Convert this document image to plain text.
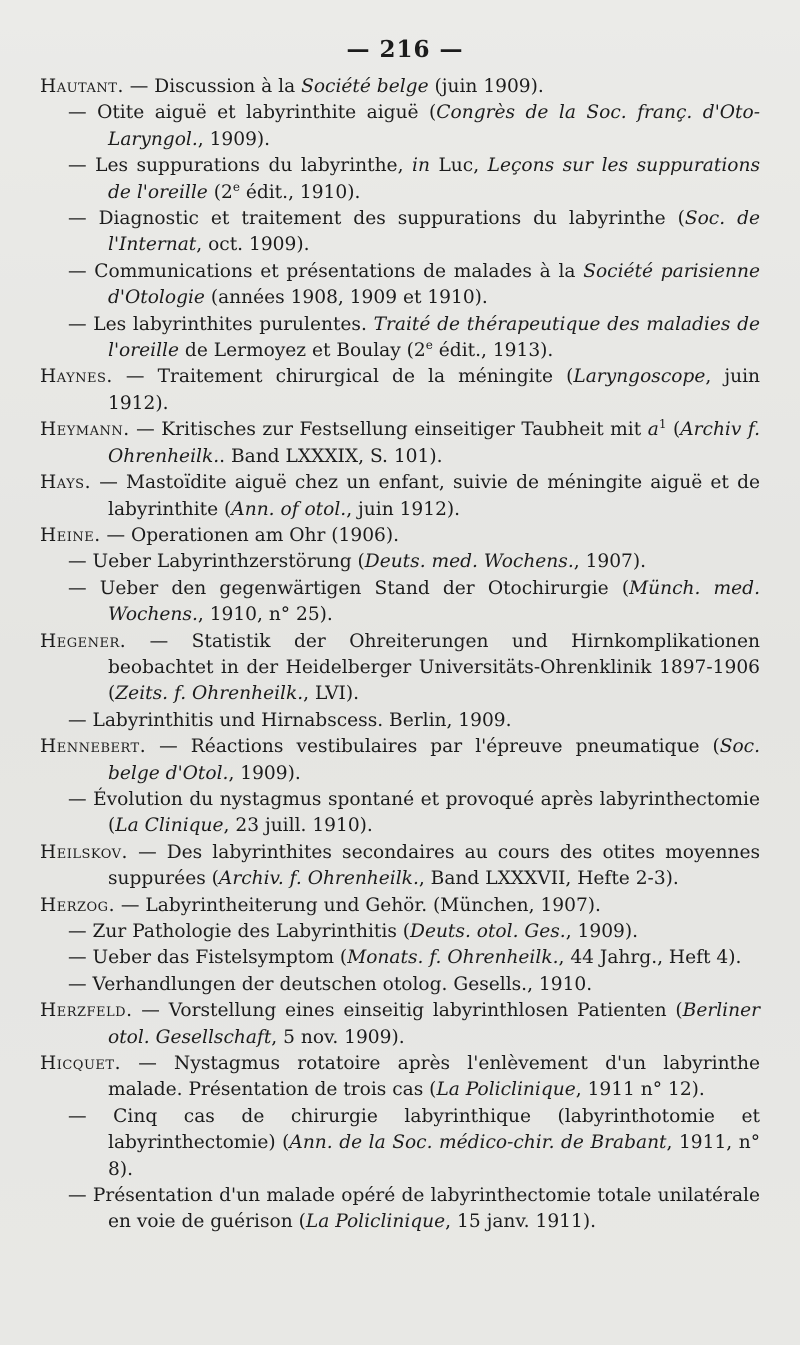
— 216 —

Hautant. — Discussion à la Société belge (juin 1909).

— Otite aiguë et labyrinthite aiguë (Congrès de la Soc. franç. d'Oto-Laryngol., 1909).

— Les suppurations du labyrinthe, in Luc, Leçons sur les suppurations de l'oreille (2e édit., 1910).

— Diagnostic et traitement des suppurations du labyrinthe (Soc. de l'Internat, oct. 1909).

— Communications et présentations de malades à la Société parisienne d'Otologie (années 1908, 1909 et 1910).

— Les labyrinthites purulentes. Traité de thérapeutique des maladies de l'oreille de Lermoyez et Boulay (2e édit., 1913).

Haynes. — Traitement chirurgical de la méningite (Laryngoscope, juin 1912).

Heymann. — Kritisches zur Festsellung einseitiger Taubheit mit $a^1$ (Archiv f. Ohrenheilk.. Band LXXXIX, S. 101).

Hays. — Mastoïdite aiguë chez un enfant, suivie de méningite aiguë et de labyrinthite (Ann. of otol., juin 1912).

Heine. — Operationen am Ohr (1906).

— Ueber Labyrinthzerstörung (Deuts. med. Wochens., 1907).

— Ueber den gegenwärtigen Stand der Otochirurgie (Münch. med. Wochens., 1910, n° 25).

Hegener. — Statistik der Ohreiterungen und Hirnkomplikationen beobachtet in der Heidelberger Universitäts-Ohrenklinik 1897-1906 (Zeits. f. Ohrenheilk., LVI).

— Labyrinthitis und Hirnabscess. Berlin, 1909.

Hennebert. — Réactions vestibulaires par l'épreuve pneumatique (Soc. belge d'Otol., 1909).

— Évolution du nystagmus spontané et provoqué après labyrinthectomie (La Clinique, 23 juill. 1910).

Heilskov. — Des labyrinthites secondaires au cours des otites moyennes suppurées (Archiv. f. Ohrenheilk., Band LXXXVII, Hefte 2-3).

Herzog. — Labyrintheiterung und Gehör. (München, 1907).

— Zur Pathologie des Labyrinthitis (Deuts. otol. Ges., 1909).

— Ueber das Fistelsymptom (Monats. f. Ohrenheilk., 44 Jahrg., Heft 4).

— Verhandlungen der deutschen otolog. Gesells., 1910.

Herzfeld. — Vorstellung eines einseitig labyrinthlosen Patienten (Berliner otol. Gesellschaft, 5 nov. 1909).

Hicquet. — Nystagmus rotatoire après l'enlèvement d'un labyrinthe malade. Présentation de trois cas (La Policlinique, 1911 n° 12).

— Cinq cas de chirurgie labyrinthique (labyrinthotomie et labyrinthectomie) (Ann. de la Soc. médico-chir. de Brabant, 1911, n° 8).

— Présentation d'un malade opéré de labyrinthectomie totale unilatérale en voie de guérison (La Policlinique, 15 janv. 1911).
